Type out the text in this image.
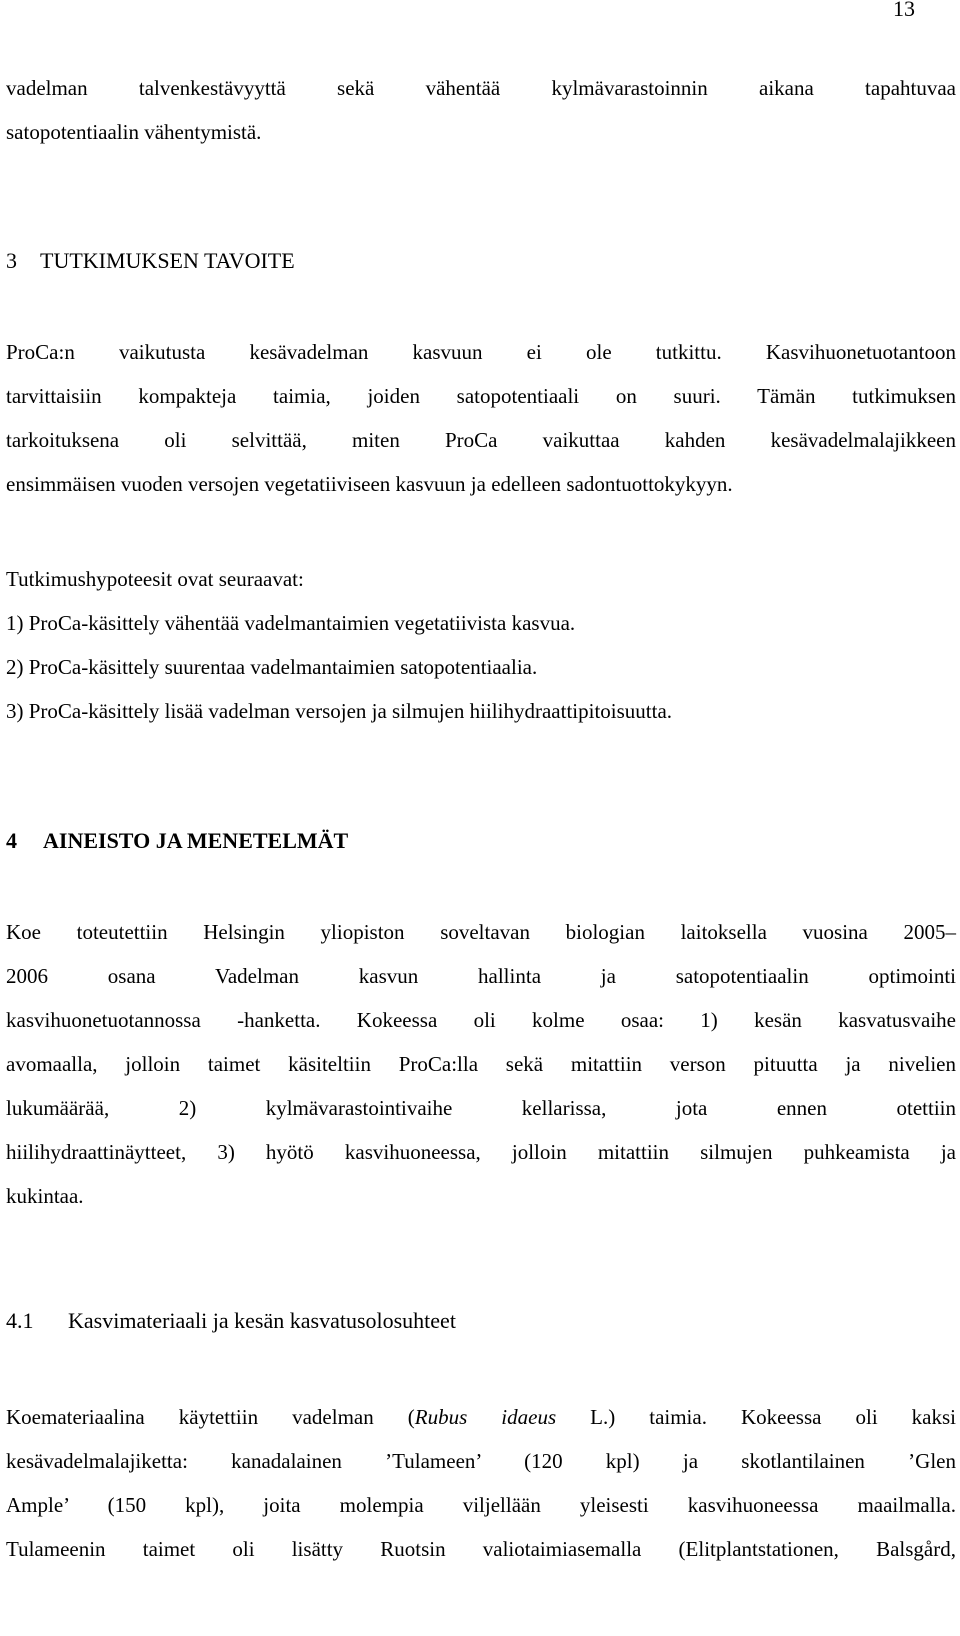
13
vadelman talvenkestävyyttä sekä vähentää kylmävarastoinnin aikana tapahtuvaa
satopotentiaalin vähentymistä.
3 TUTKIMUKSEN TAVOITE
ProCa:n vaikutusta kesävadelman kasvuun ei ole tutkittu. Kasvihuonetuotantoon
tarvittaisiin kompakteja taimia, joiden satopotentiaali on suuri. Tämän tutkimuksen
tarkoituksena oli selvittää, miten ProCa vaikuttaa kahden kesävadelmalajikkeen
ensimmäisen vuoden versojen vegetatiiviseen kasvuun ja edelleen sadontuottokykyyn.
Tutkimushypoteesit ovat seuraavat:
1) ProCa-käsittely vähentää vadelmantaimien vegetatiivista kasvua.
2) ProCa-käsittely suurentaa vadelmantaimien satopotentiaalia.
3) ProCa-käsittely lisää vadelman versojen ja silmujen hiilihydraattipitoisuutta.
4 AINEISTO JA MENETELMÄT
Koe toteutettiin Helsingin yliopiston soveltavan biologian laitoksella vuosina 2005–
2006 osana Vadelman kasvun hallinta ja satopotentiaalin optimointi
kasvihuonetuotannossa -hanketta. Kokeessa oli kolme osaa: 1) kesän kasvatusvaihe
avomaalla, jolloin taimet käsiteltiin ProCa:lla sekä mitattiin verson pituutta ja nivelien
lukumäärää, 2) kylmävarastointivaihe kellarissa, jota ennen otettiin
hiilihydraattinäytteet, 3) hyötö kasvihuoneessa, jolloin mitattiin silmujen puhkeamista ja
kukintaa.
4.1 Kasvimateriaali ja kesän kasvatusolosuhteet
Koemateriaalina käytettiin vadelman (Rubus idaeus L.) taimia. Kokeessa oli kaksi
kesävadelmalajiketta: kanadalainen ’Tulameen’ (120 kpl) ja skotlantilainen ’Glen
Ample’ (150 kpl), joita molempia viljellään yleisesti kasvihuoneessa maailmalla.
Tulameenin taimet oli lisätty Ruotsin valiotaimiasemalla (Elitplantstationen, Balsgård,
